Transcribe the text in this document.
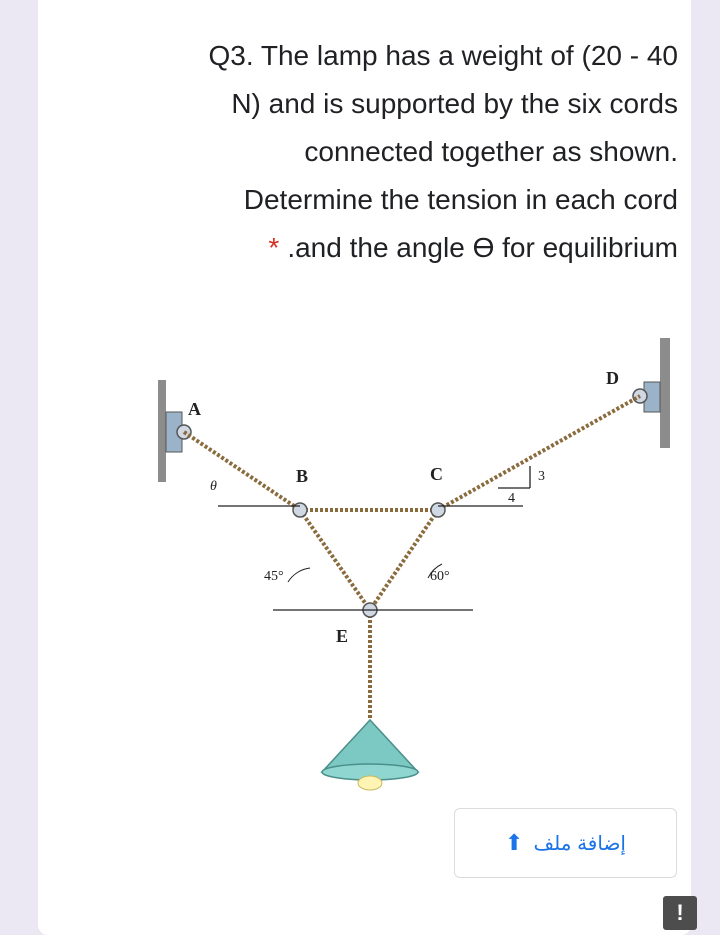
Q3. The lamp has a weight of (20 - 40
N) and is supported by the six cords
connected together as shown.
Determine the tension in each cord
* .and the angle ϴ for equilibrium
A
B	C
D
E
θ
45°	60°
3
4
إضافة ملف
⬆
!
